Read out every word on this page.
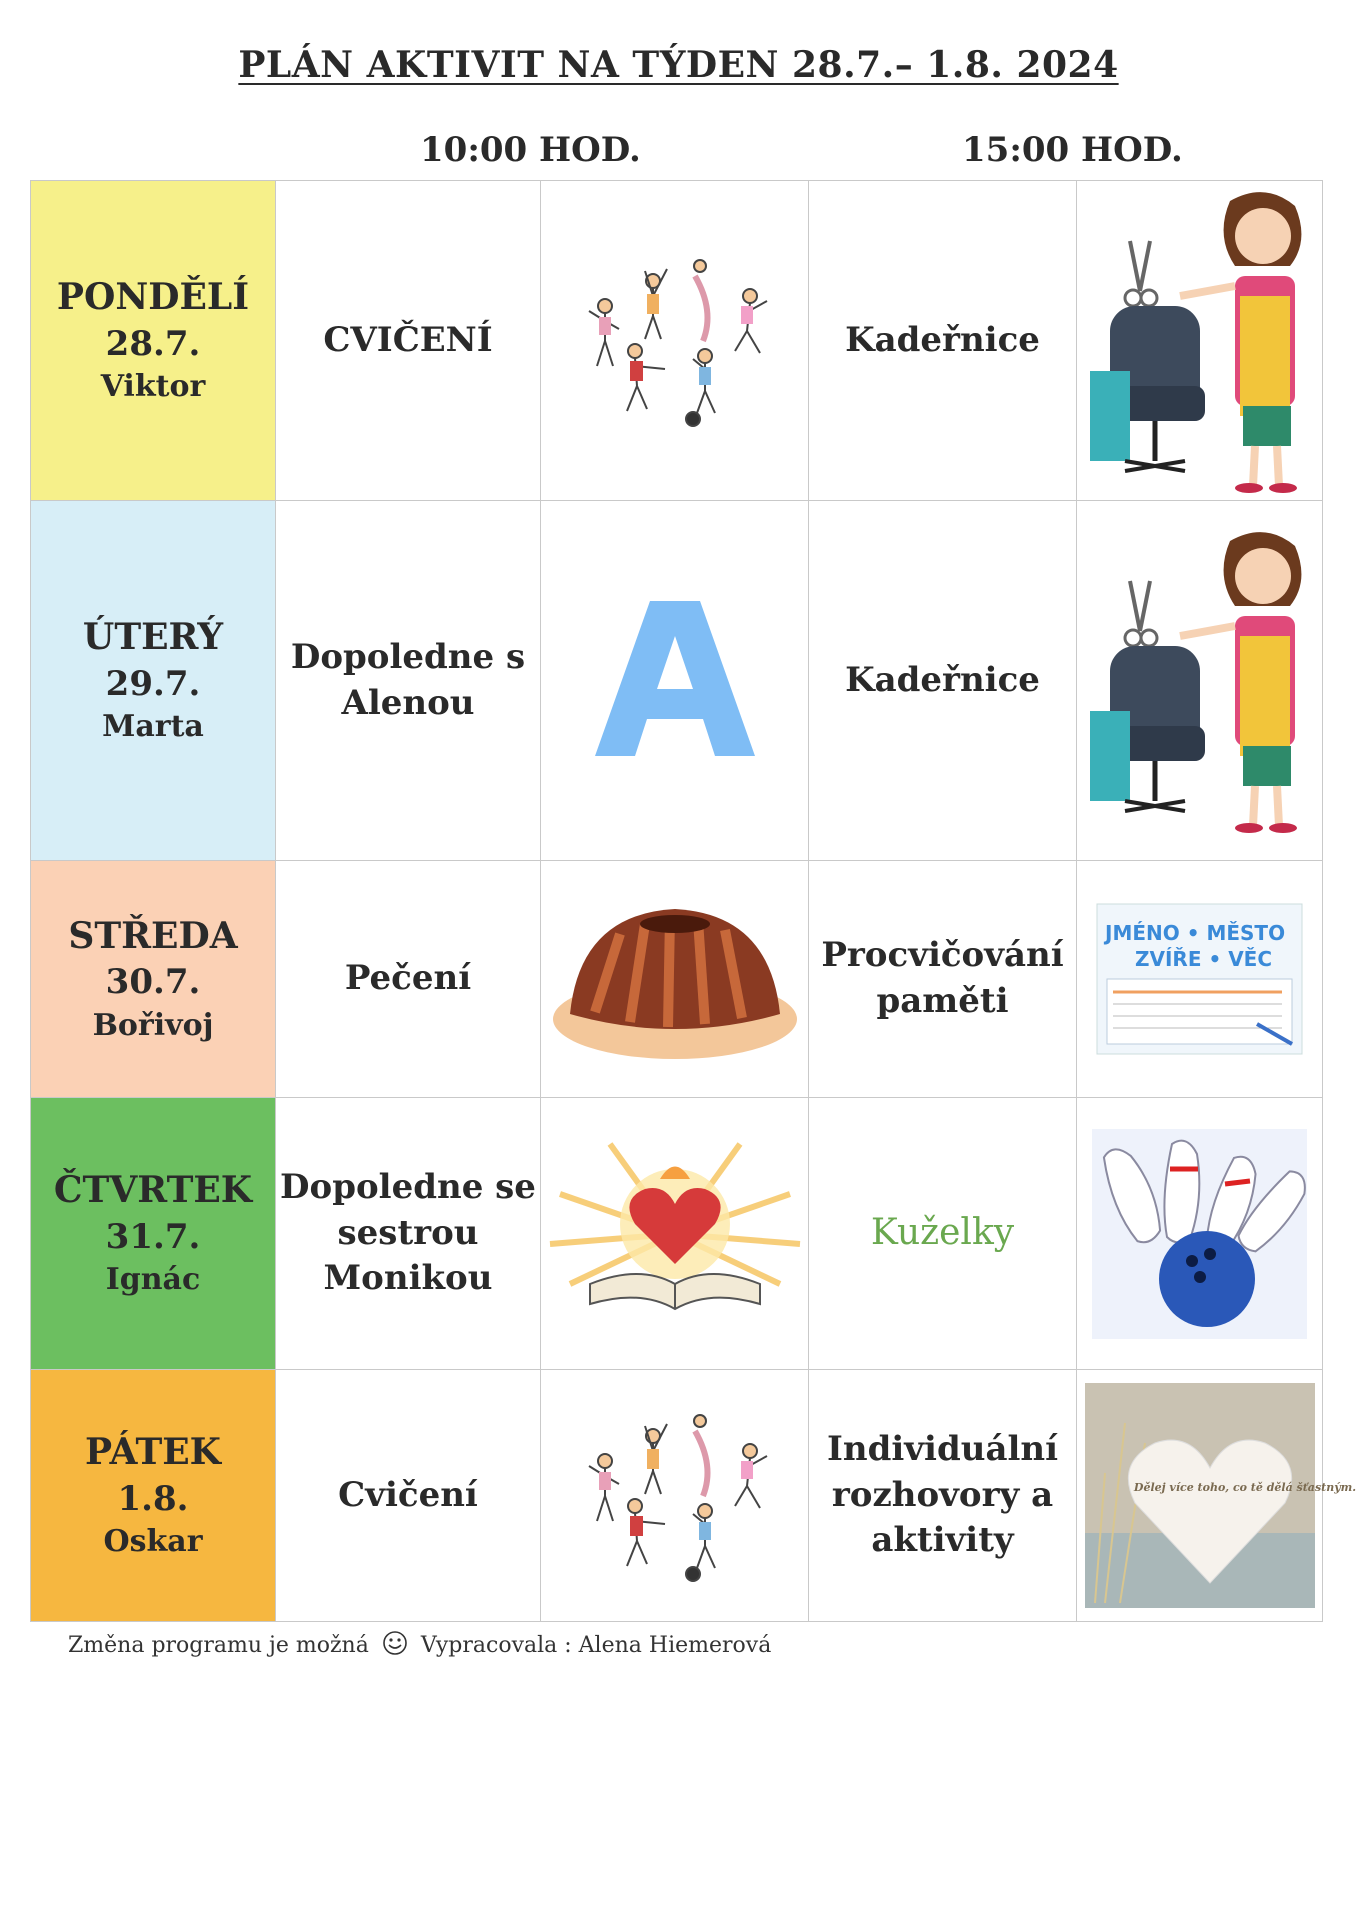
PLÁN AKTIVIT NA TÝDEN 28.7.– 1.8. 2024
10:00 HOD.	15:00 HOD.
PONDĚLÍ
28.7.
Viktor	CVIČENÍ		Kadeřnice	

ÚTERÝ
29.7.
Marta	Dopoledne s Alenou		Kadeřnice	

STŘEDA
30.7.
Bořivoj	Pečení		Procvičování paměti	JMÉNO • MĚSTO
ZVÍŘE • VĚC

ČTVRTEK
31.7.
Ignác	Dopoledne se sestrou Monikou		Kuželky	

PÁTEK
1.8.
Oskar	Cvičení		Individuální rozhovory a aktivity	Dělej více toho, co tě dělá šťastným.
Změna programu je možná Vypracovala : Alena Hiemerová
